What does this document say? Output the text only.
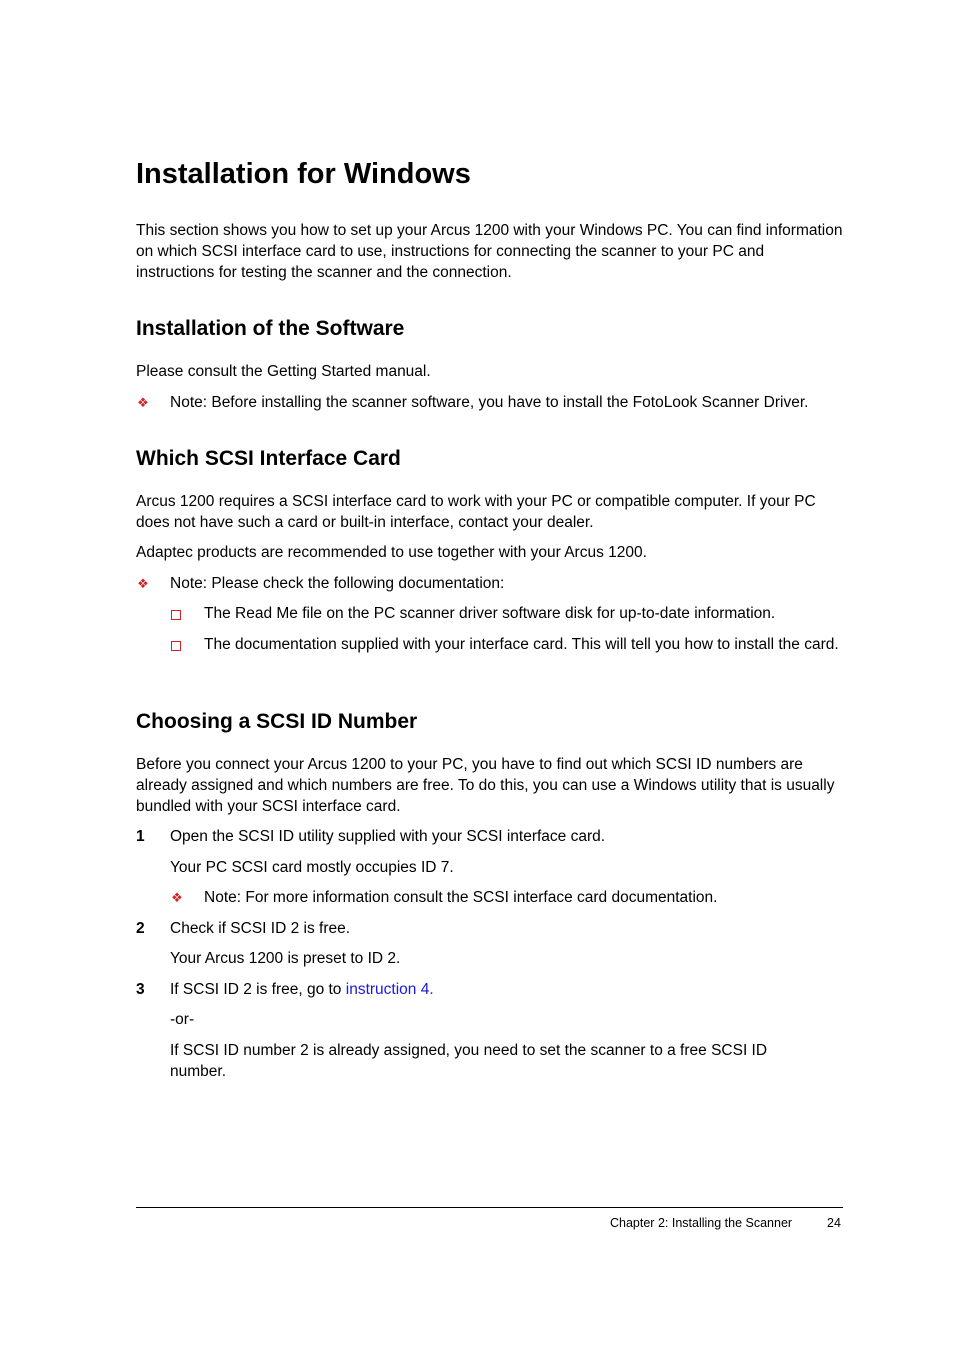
Installation for Windows

This section shows you how to set up your Arcus 1200 with your Windows PC. You can find information on which SCSI interface card to use, instructions for connecting the scanner to your PC and instructions for testing the scanner and the connection.

Installation of the Software

Please consult the Getting Started manual.

❖ Note: Before installing the scanner software, you have to install the FotoLook Scanner Driver.

Which SCSI Interface Card

Arcus 1200 requires a SCSI interface card to work with your PC or compatible computer. If your PC does not have such a card or built-in interface, contact your dealer.

Adaptec products are recommended to use together with your Arcus 1200.

❖ Note: Please check the following documentation:

The Read Me file on the PC scanner driver software disk for up-to-date information.

The documentation supplied with your interface card. This will tell you how to install the card.

Choosing a SCSI ID Number

Before you connect your Arcus 1200 to your PC, you have to find out which SCSI ID numbers are already assigned and which numbers are free. To do this, you can use a Windows utility that is usually bundled with your SCSI interface card.

1 Open the SCSI ID utility supplied with your SCSI interface card.

Your PC SCSI card mostly occupies ID 7.

❖ Note: For more information consult the SCSI interface card documentation.

2 Check if SCSI ID 2 is free.

Your Arcus 1200 is preset to ID 2.

3 If SCSI ID 2 is free, go to instruction 4.

-or-

If SCSI ID number 2 is already assigned, you need to set the scanner to a free SCSI ID number.

Chapter 2: Installing the Scanner	24
